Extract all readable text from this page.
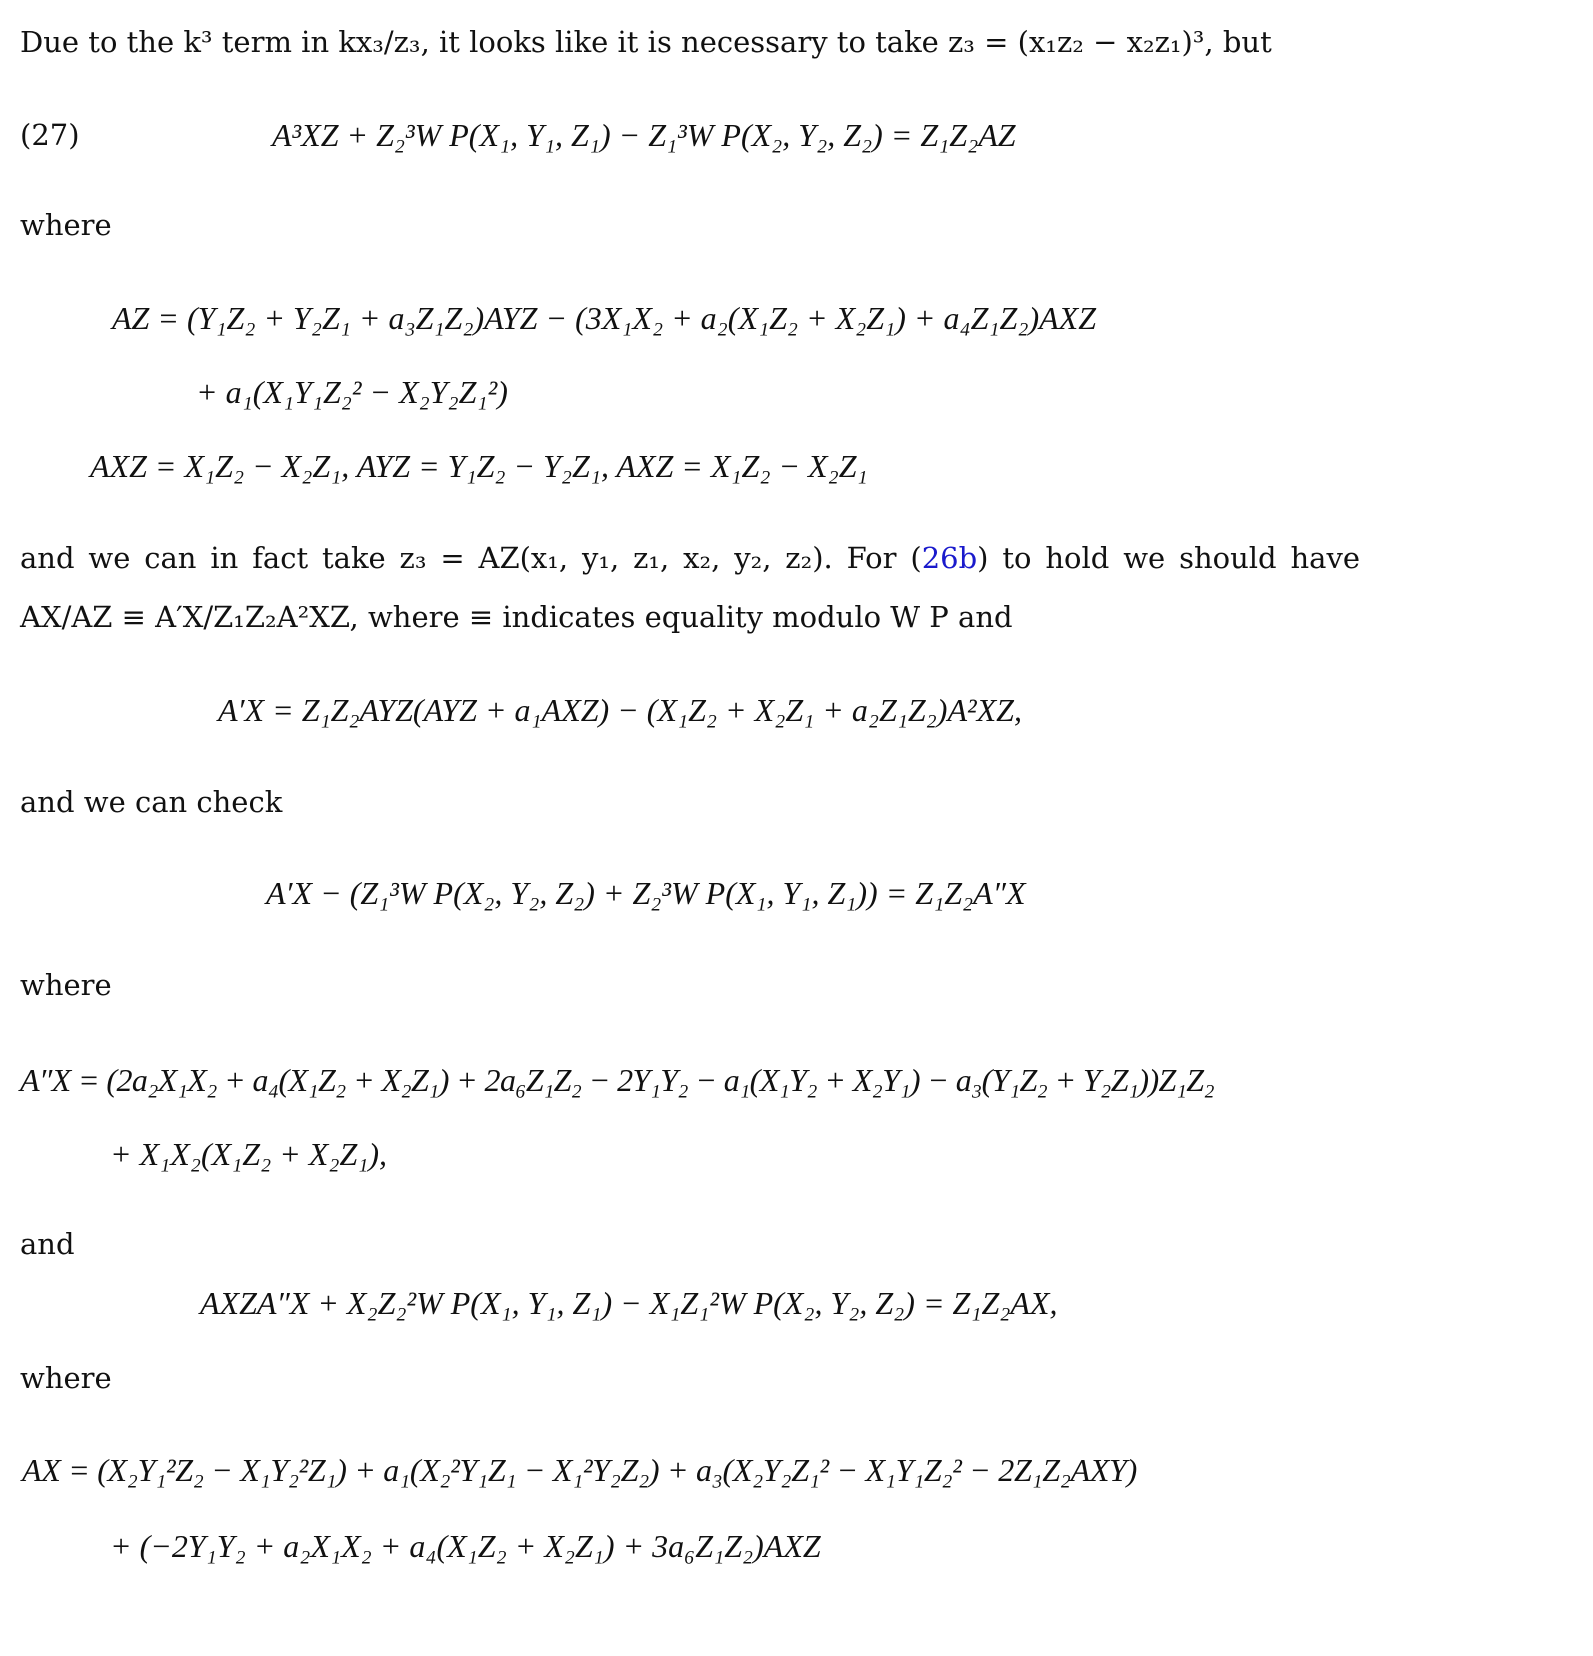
Due to the k³ term in kx₃/z₃, it looks like it is necessary to take z₃ = (x₁z₂ − x₂z₁)³, but
(27)	A³XZ + Z₂³W P(X₁, Y₁, Z₁) − Z₁³W P(X₂, Y₂, Z₂) = Z₁Z₂AZ
where
AZ = (Y₁Z₂ + Y₂Z₁ + a₃Z₁Z₂)AYZ − (3X₁X₂ + a₂(X₁Z₂ + X₂Z₁) + a₄Z₁Z₂)AXZ
+ a₁(X₁Y₁Z₂² − X₂Y₂Z₁²)
AXZ = X₁Z₂ − X₂Z₁, AYZ = Y₁Z₂ − Y₂Z₁, AXZ = X₁Z₂ − X₂Z₁
and we can in fact take z₃ = AZ(x₁, y₁, z₁, x₂, y₂, z₂). For (26b) to hold we should have
AX/AZ ≡ A′X/Z₁Z₂A²XZ, where ≡ indicates equality modulo W P and
A′X = Z₁Z₂AYZ(AYZ + a₁AXZ) − (X₁Z₂ + X₂Z₁ + a₂Z₁Z₂)A²XZ,
and we can check
A′X − (Z₁³W P(X₂, Y₂, Z₂) + Z₂³W P(X₁, Y₁, Z₁)) = Z₁Z₂A″X
where
A″X = (2a₂X₁X₂ + a₄(X₁Z₂ + X₂Z₁) + 2a₆Z₁Z₂ − 2Y₁Y₂ − a₁(X₁Y₂ + X₂Y₁) − a₃(Y₁Z₂ + Y₂Z₁))Z₁Z₂
+ X₁X₂(X₁Z₂ + X₂Z₁),
and
AXZA″X + X₂Z₂²W P(X₁, Y₁, Z₁) − X₁Z₁²W P(X₂, Y₂, Z₂) = Z₁Z₂AX,
where
AX = (X₂Y₁²Z₂ − X₁Y₂²Z₁) + a₁(X₂²Y₁Z₁ − X₁²Y₂Z₂) + a₃(X₂Y₂Z₁² − X₁Y₁Z₂² − 2Z₁Z₂AXY)
+ (−2Y₁Y₂ + a₂X₁X₂ + a₄(X₁Z₂ + X₂Z₁) + 3a₆Z₁Z₂)AXZ
